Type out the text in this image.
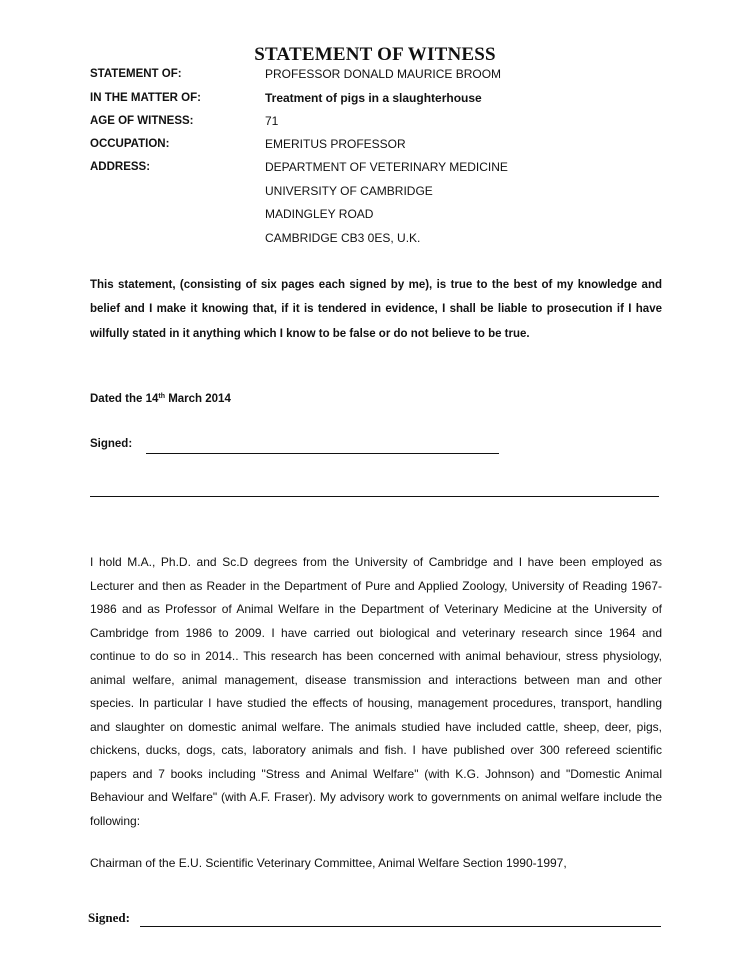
STATEMENT OF WITNESS
STATEMENT OF:	PROFESSOR DONALD MAURICE BROOM
IN THE MATTER OF:	Treatment of pigs in a slaughterhouse
AGE OF WITNESS:	71
OCCUPATION:	EMERITUS PROFESSOR
ADDRESS:	DEPARTMENT OF VETERINARY MEDICINE
UNIVERSITY OF CAMBRIDGE
MADINGLEY ROAD
CAMBRIDGE CB3 0ES, U.K.
This statement, (consisting of six pages each signed by me), is true to the best of my knowledge and belief and I make it knowing that, if it is tendered in evidence, I shall be liable to prosecution if I have wilfully stated in it anything which I know to be false or do not believe to be true.
Dated the 14th March 2014
Signed:
I hold M.A., Ph.D. and Sc.D degrees from the University of Cambridge and I have been employed as Lecturer and then as Reader in the Department of Pure and Applied Zoology, University of Reading 1967-1986 and as Professor of Animal Welfare in the Department of Veterinary Medicine at the University of Cambridge from 1986 to 2009. I have carried out biological and veterinary research since 1964 and continue to do so in 2014.. This research has been concerned with animal behaviour, stress physiology, animal welfare, animal management, disease transmission and interactions between man and other species. In particular I have studied the effects of housing, management procedures, transport, handling and slaughter on domestic animal welfare. The animals studied have included cattle, sheep, deer, pigs, chickens, ducks, dogs, cats, laboratory animals and fish. I have published over 300 refereed scientific papers and 7 books including "Stress and Animal Welfare" (with K.G. Johnson) and "Domestic Animal Behaviour and Welfare" (with A.F. Fraser). My advisory work to governments on animal welfare include the following:
Chairman of the E.U. Scientific Veterinary Committee, Animal Welfare Section 1990-1997,
Signed:
